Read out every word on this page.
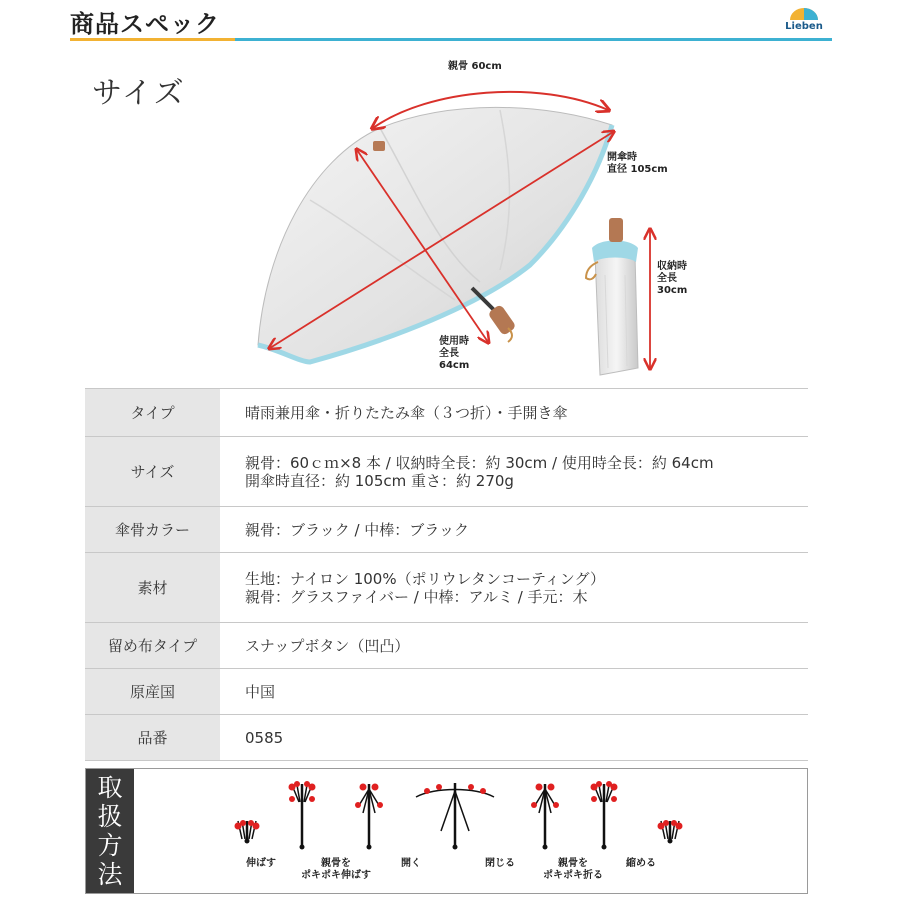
商品スペック	Lieben
サイズ
親骨 60cm
開傘時
直径 105cm
収納時
全長
30cm
使用時
全長
64cm
タイプ	晴雨兼用傘・折りたたみ傘（３つ折）・手開き傘

サイズ	親骨：60ｃｍ×8 本 / 収納時全長：約 30cm / 使用時全長：約 64cm
開傘時直径：約 105cm 重さ：約 270g

傘骨カラー	親骨：ブラック / 中棒：ブラック

素材	生地：ナイロン 100%（ポリウレタンコーティング）
親骨：グラスファイバー / 中棒：アルミ / 手元：木

留め布タイプ	スナップボタン（凹凸）

原産国	中国

品番	0585
取
扱
方
法	伸ばす	親骨を
ポキポキ伸ばす
開く	閉じる	親骨を
ポキポキ折る
縮める
